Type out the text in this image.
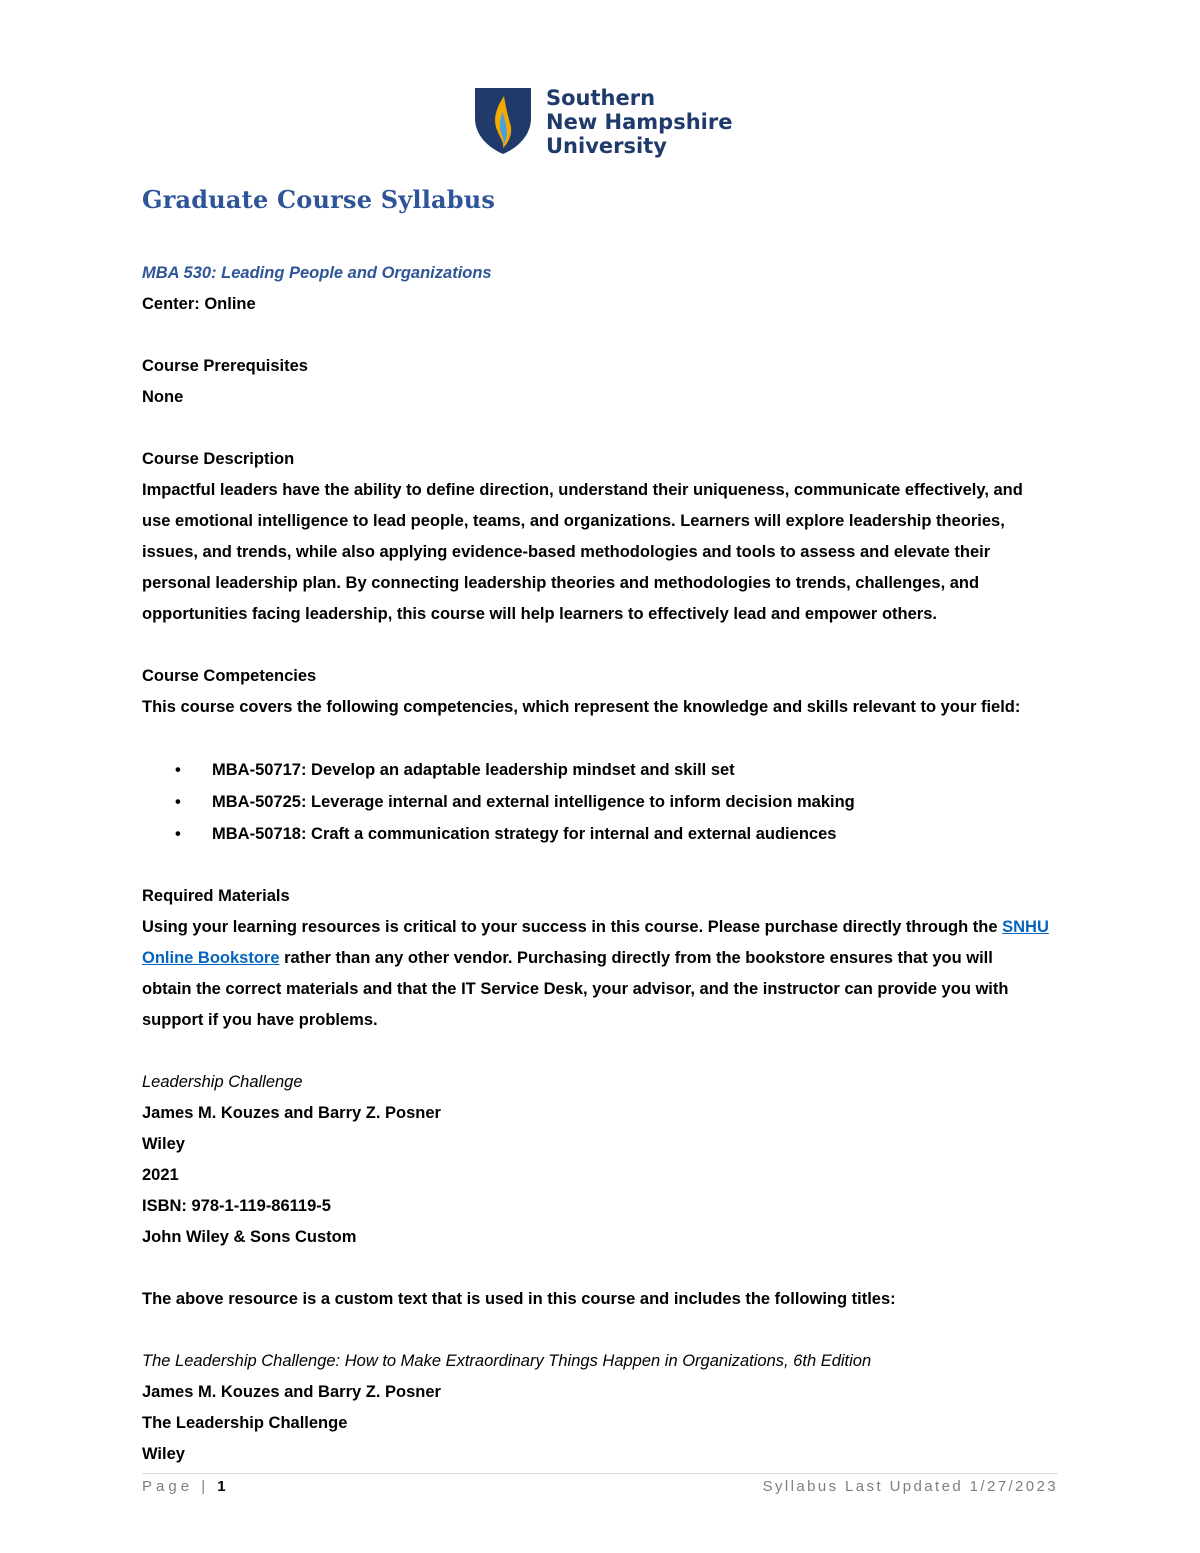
Southern
New Hampshire
University
Graduate Course Syllabus

MBA 530: Leading People and Organizations

Center: Online

Course Prerequisites

None

Course Description

Impactful leaders have the ability to define direction, understand their uniqueness, communicate effectively, and

use emotional intelligence to lead people, teams, and organizations. Learners will explore leadership theories,

issues, and trends, while also applying evidence-based methodologies and tools to assess and elevate their

personal leadership plan. By connecting leadership theories and methodologies to trends, challenges, and

opportunities facing leadership, this course will help learners to effectively lead and empower others.

Course Competencies

This course covers the following competencies, which represent the knowledge and skills relevant to your field:

• MBA-50717: Develop an adaptable leadership mindset and skill set
• MBA-50725: Leverage internal and external intelligence to inform decision making
• MBA-50718: Craft a communication strategy for internal and external audiences

Required Materials

Using your learning resources is critical to your success in this course. Please purchase directly through the SNHU

Online Bookstore rather than any other vendor. Purchasing directly from the bookstore ensures that you will

obtain the correct materials and that the IT Service Desk, your advisor, and the instructor can provide you with

support if you have problems.

Leadership Challenge

James M. Kouzes and Barry Z. Posner

Wiley

2021

ISBN: 978-1-119-86119-5

John Wiley & Sons Custom

The above resource is a custom text that is used in this course and includes the following titles:

The Leadership Challenge: How to Make Extraordinary Things Happen in Organizations, 6th Edition

James M. Kouzes and Barry Z. Posner

The Leadership Challenge

Wiley

Page | 1	Syllabus Last Updated 1/27/2023
